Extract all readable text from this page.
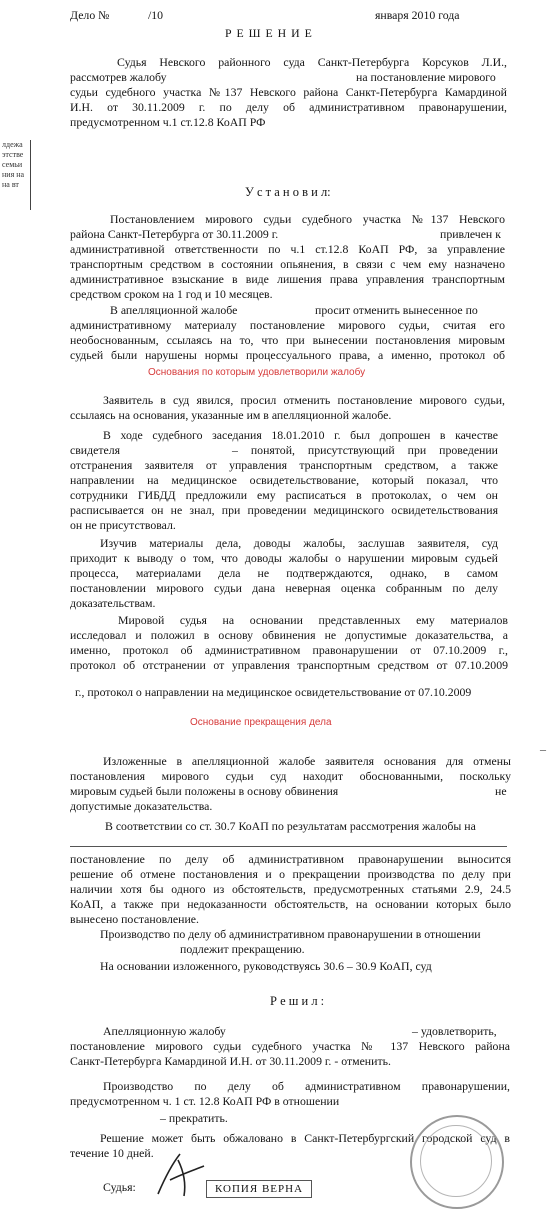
лдежа
этстве
семьи
ния на
на вт

Дело №	/10	января 2010 года

Р Е Ш Е Н И Е

Судья Невского районного суда Санкт-Петербурга Корсуков Л.И.,

рассмотрев жалобу	на постановление мирового

судьи судебного участка №137 Невского района Санкт-Петербурга Камардиной

И.Н. от 30.11.2009 г. по делу об административном правонарушении,

предусмотренном ч.1 ст.12.8 КоАП РФ

У с т а н о в и л:

Постановлением мирового судьи судебного участка №137 Невского

района Санкт-Петербурга от 30.11.2009 г.	привлечен к

административной ответственности по ч.1 ст.12.8 КоАП РФ, за управление

транспортным средством в состоянии опьянения, в связи с чем ему назначено

административное взыскание в виде лишения права управления транспортным

средством сроком на 1 год и 10 месяцев.

В апелляционной жалобе	просит отменить вынесенное по

административному материалу постановление мирового судьи, считая его

необоснованным, ссылаясь на то, что при вынесении постановления мировым

судьей были нарушены нормы процессуального права, а именно, протокол об

Основания по которым удовлетворили жалобу

Заявитель в суд явился, просил отменить постановление мирового судьи,

ссылаясь на основания, указанные им в апелляционной жалобе.

В ходе судебного заседания 18.01.2010 г. был допрошен в качестве

свидетеля	– понятой, присутствующий при проведении

отстранения заявителя от управления транспортным средством, а также

направлении на медицинское освидетельствование, который показал, что

сотрудники ГИБДД предложили ему расписаться в протоколах, о чем он

расписывается он не знал, при проведении медицинского освидетельствования

он не присутствовал.

Изучив материалы дела, доводы жалобы, заслушав заявителя, суд

приходит к выводу о том, что доводы жалобы о нарушении мировым судьей

процесса, материалами дела не подтверждаются, однако, в самом

постановлении мирового судьи дана неверная оценка собранным по делу

доказательствам.

Мировой судья на основании представленных ему материалов

исследовал и положил в основу обвинения не допустимые доказательства, а

именно, протокол об административном правонарушении от 07.10.2009 г.,

протокол об отстранении от управления транспортным средством от 07.10.2009

г., протокол о направлении на медицинское освидетельствование от 07.10.2009

Основание прекращения дела

Изложенные в апелляционной жалобе заявителя основания для отмены

постановления мирового судьи суд находит обоснованными, поскольку

мировым судьей были положены в основу обвинения	не

допустимые доказательства.

В соответствии со ст. 30.7 КоАП по результатам рассмотрения жалобы на

постановление по делу об административном правонарушении выносится

решение об отмене постановления и о прекращении производства по делу при

наличии хотя бы одного из обстоятельств, предусмотренных статьями 2.9, 24.5

КоАП, а также при недоказанности обстоятельств, на основании которых было

вынесено постановление.

Производство по делу об административном правонарушении в отношении

подлежит прекращению.

На основании изложенного, руководствуясь 30.6 – 30.9 КоАП, суд

Р е ш и л :

Апелляционную жалобу	– удовлетворить,

постановление мирового судьи судебного участка № 137 Невского района

Санкт-Петербурга Камардиной И.Н. от 30.11.2009 г. - отменить.

Производство по делу об административном правонарушении,

предусмотренном ч. 1 ст. 12.8 КоАП РФ в отношении

– прекратить.

Решение может быть обжаловано в Санкт-Петербургский городской суд в

течение 10 дней.

Судья:	КОПИЯ ВЕРНА
–
